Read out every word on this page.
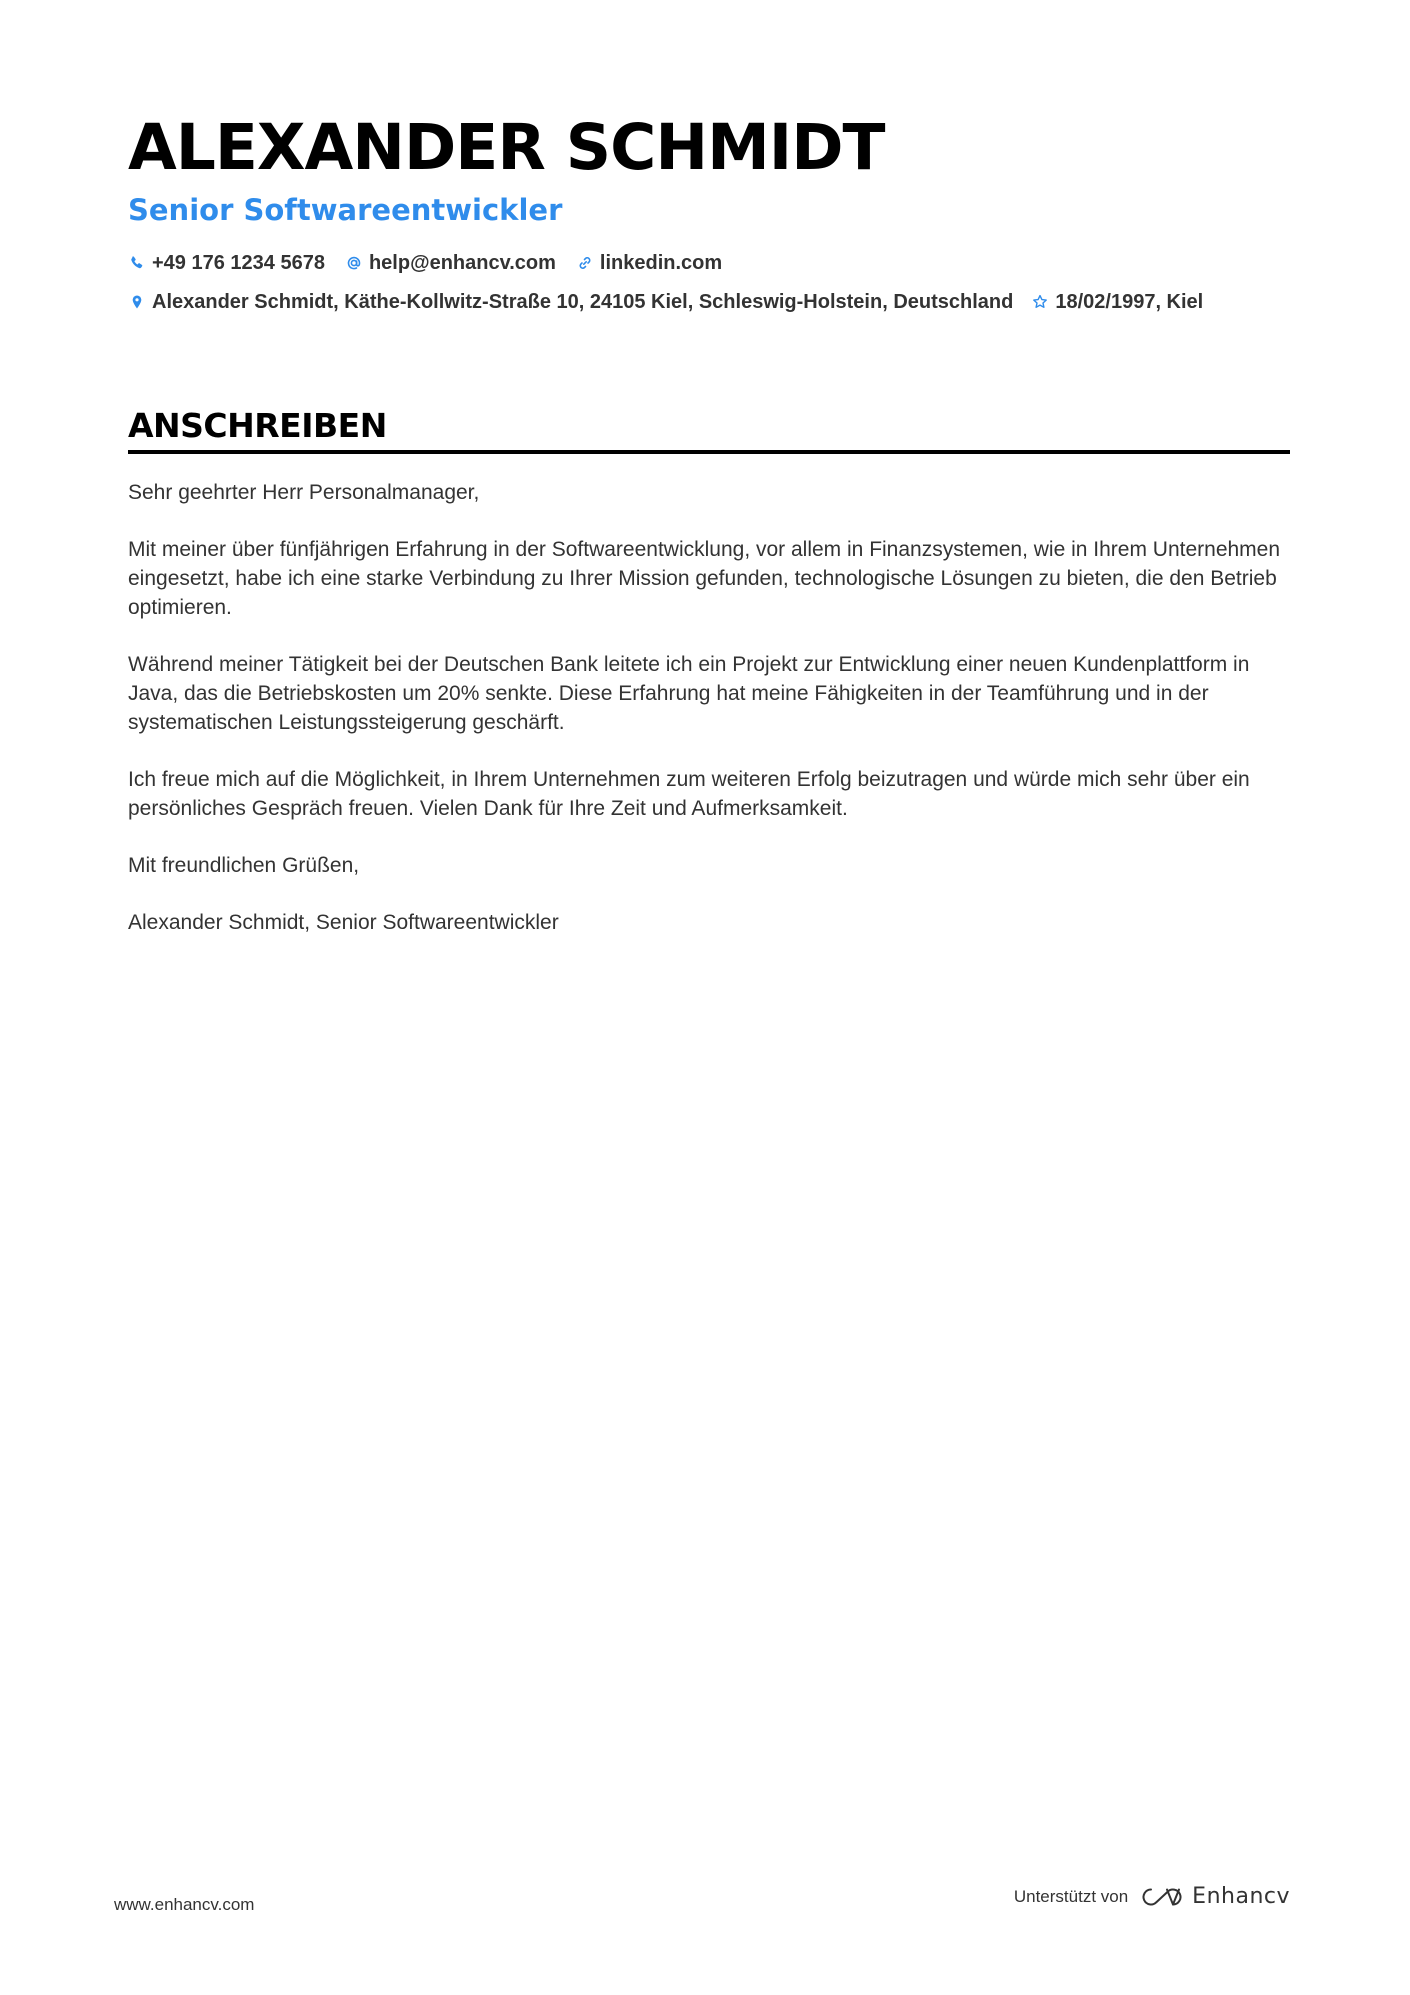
ALEXANDER SCHMIDT
Senior Softwareentwickler
+49 176 1234 5678 help@enhancv.com linkedin.com
Alexander Schmidt, Käthe-Kollwitz-Straße 10, 24105 Kiel, Schleswig-Holstein, Deutschland 18/02/1997, Kiel
ANSCHREIBEN

Sehr geehrter Herr Personalmanager,

Mit meiner über fünfjährigen Erfahrung in der Softwareentwicklung, vor allem in Finanzsystemen, wie in Ihrem Unternehmen eingesetzt, habe ich eine starke Verbindung zu Ihrer Mission gefunden, technologische Lösungen zu bieten, die den Betrieb optimieren.

Während meiner Tätigkeit bei der Deutschen Bank leitete ich ein Projekt zur Entwicklung einer neuen Kundenplattform in Java, das die Betriebskosten um 20% senkte. Diese Erfahrung hat meine Fähigkeiten in der Teamführung und in der systematischen Leistungssteigerung geschärft.

Ich freue mich auf die Möglichkeit, in Ihrem Unternehmen zum weiteren Erfolg beizutragen und würde mich sehr über ein persönliches Gespräch freuen. Vielen Dank für Ihre Zeit und Aufmerksamkeit.

Mit freundlichen Grüßen,

Alexander Schmidt, Senior Softwareentwickler

www.enhancv.com	Unterstützt von	Enhancv
